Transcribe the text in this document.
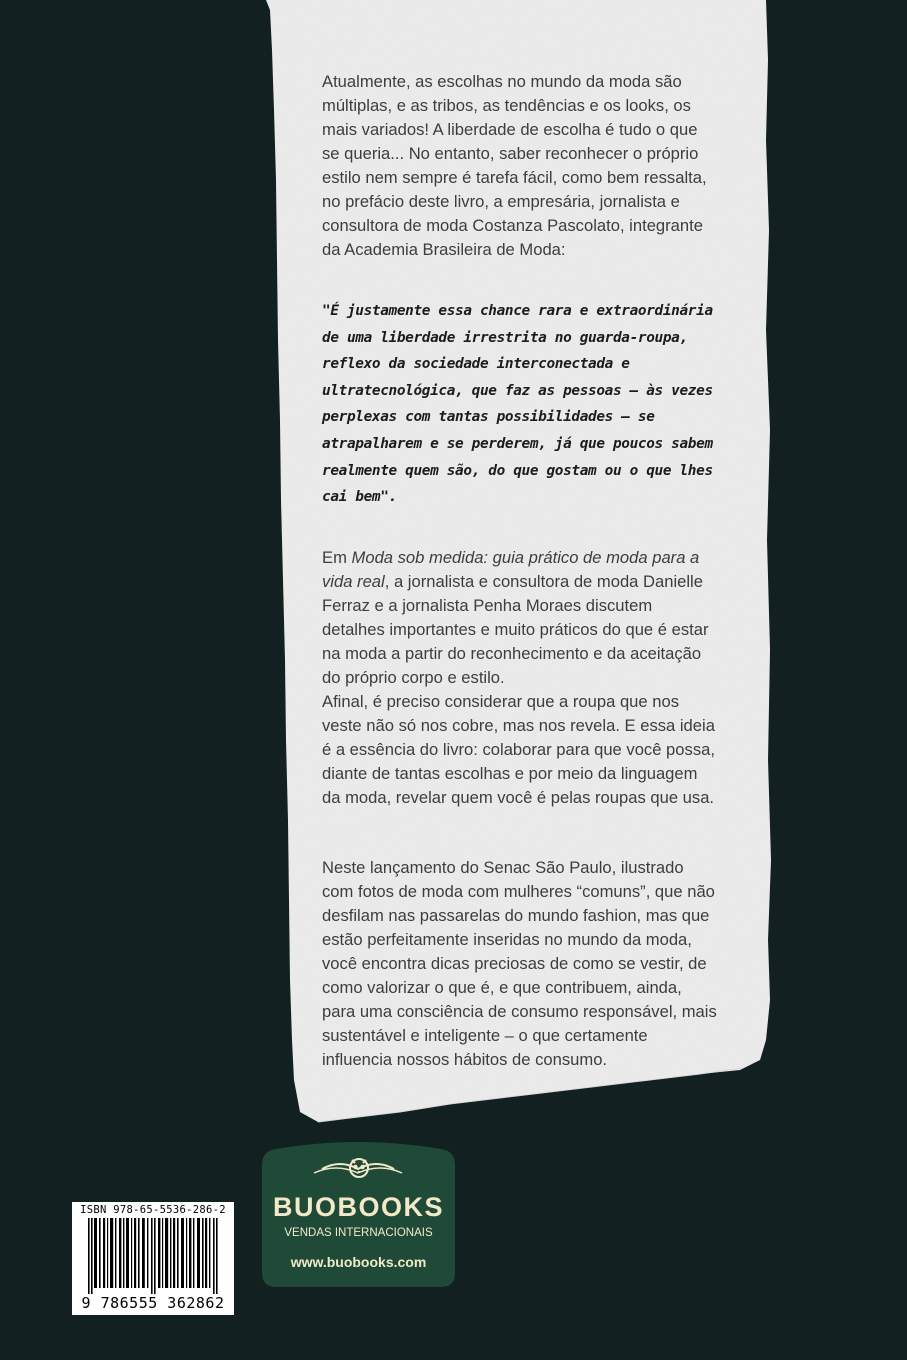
Atualmente, as escolhas no mundo da moda são múltiplas, e as tribos, as tendências e os looks, os mais variados! A liberdade de escolha é tudo o que se queria... No entanto, saber reconhecer o próprio estilo nem sempre é tarefa fácil, como bem ressalta, no prefácio deste livro, a empresária, jornalista e consultora de moda Costanza Pascolato, integrante da Academia Brasileira de Moda:

"É justamente essa chance rara e extraordinária de uma liberdade irrestrita no guarda-roupa, reflexo da sociedade interconectada e ultratecnológica, que faz as pessoas – às vezes perplexas com tantas possibilidades – se atrapalharem e se perderem, já que poucos sabem realmente quem são, do que gostam ou o que lhes cai bem".

Em Moda sob medida: guia prático de moda para a vida real, a jornalista e consultora de moda Danielle Ferraz e a jornalista Penha Moraes discutem detalhes importantes e muito práticos do que é estar na moda a partir do reconhecimento e da aceitação do próprio corpo e estilo.

Afinal, é preciso considerar que a roupa que nos veste não só nos cobre, mas nos revela. E essa ideia é a essência do livro: colaborar para que você possa, diante de tantas escolhas e por meio da linguagem da moda, revelar quem você é pelas roupas que usa.

Neste lançamento do Senac São Paulo, ilustrado com fotos de moda com mulheres “comuns”, que não desfilam nas passarelas do mundo fashion, mas que estão perfeitamente inseridas no mundo da moda, você encontra dicas preciosas de como se vestir, de como valorizar o que é, e que contribuem, ainda, para uma consciência de consumo responsável, mais sustentável e inteligente – o que certamente influencia nossos hábitos de consumo.

ISBN 978-65-5536-286-2
9 786555 362862
BUOBOOKS
VENDAS INTERNACIONAIS
www.buobooks.com
